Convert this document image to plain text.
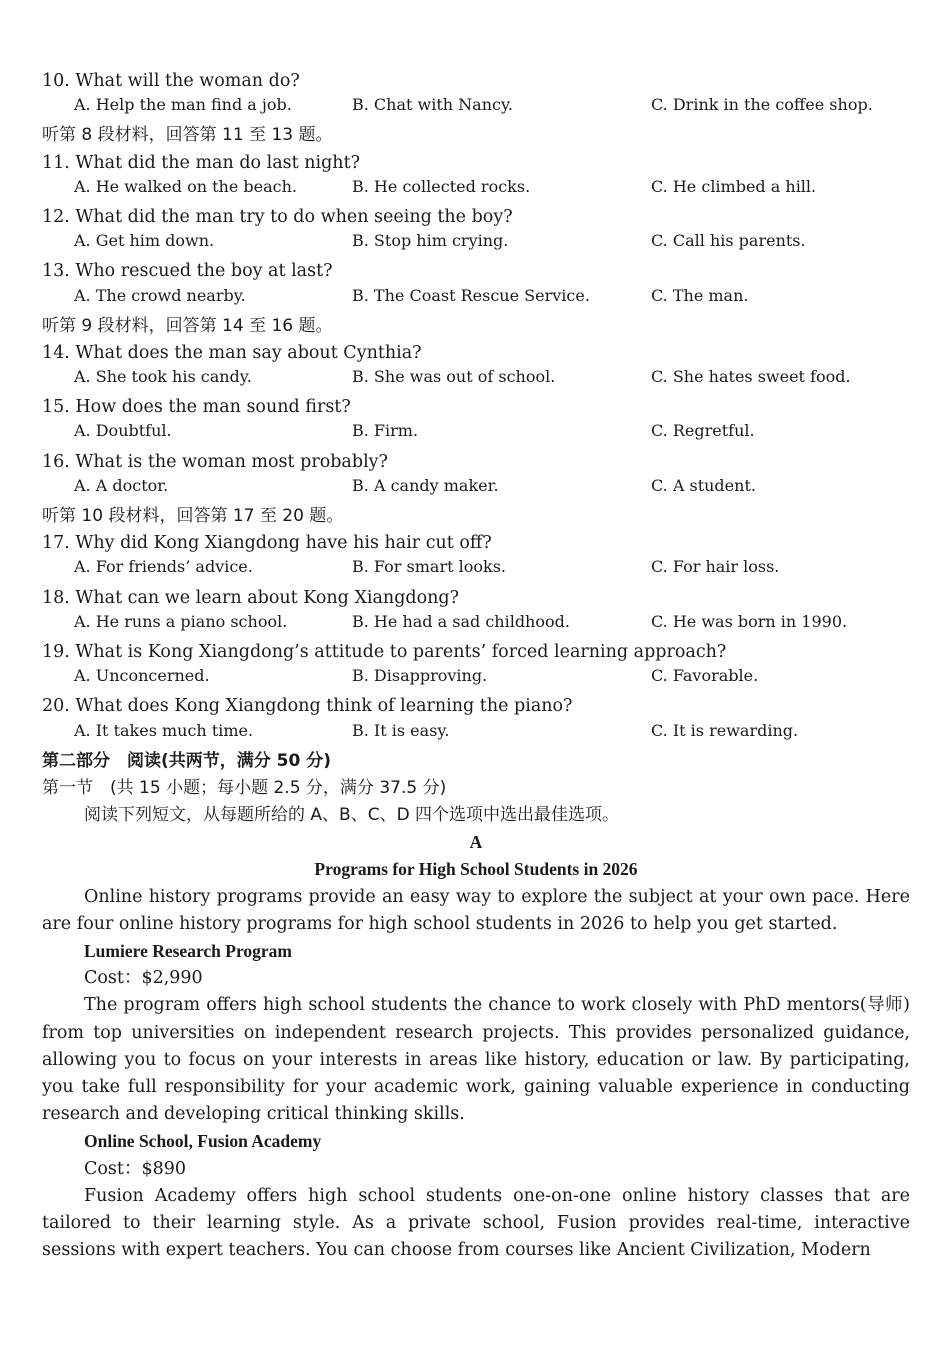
10. What will the woman do?
A. Help the man find a job.	B. Chat with Nancy.	C. Drink in the coffee shop.
听第 8 段材料，回答第 11 至 13 题。
11. What did the man do last night?
A. He walked on the beach.	B. He collected rocks.	C. He climbed a hill.
12. What did the man try to do when seeing the boy?
A. Get him down.	B. Stop him crying.	C. Call his parents.
13. Who rescued the boy at last?
A. The crowd nearby.	B. The Coast Rescue Service.	C. The man.
听第 9 段材料，回答第 14 至 16 题。
14. What does the man say about Cynthia?
A. She took his candy.	B. She was out of school.	C. She hates sweet food.
15. How does the man sound first?
A. Doubtful.	B. Firm.	C. Regretful.
16. What is the woman most probably?
A. A doctor.	B. A candy maker.	C. A student.
听第 10 段材料，回答第 17 至 20 题。
17. Why did Kong Xiangdong have his hair cut off?
A. For friends’ advice.	B. For smart looks.	C. For hair loss.
18. What can we learn about Kong Xiangdong?
A. He runs a piano school.	B. He had a sad childhood.	C. He was born in 1990.
19. What is Kong Xiangdong’s attitude to parents’ forced learning approach?
A. Unconcerned.	B. Disapproving.	C. Favorable.
20. What does Kong Xiangdong think of learning the piano?
A. It takes much time.	B. It is easy.	C. It is rewarding.
第二部分　阅读(共两节，满分 50 分)
第一节　(共 15 小题；每小题 2.5 分，满分 37.5 分)
阅读下列短文，从每题所给的 A、B、C、D 四个选项中选出最佳选项。
A
Programs for High School Students in 2026

Online history programs provide an easy way to explore the subject at your own pace. Here are four online history programs for high school students in 2026 to help you get started.

Lumiere Research Program
Cost：$2,990

The program offers high school students the chance to work closely with PhD mentors(导师) from top universities on independent research projects. This provides personalized guidance, allowing you to focus on your interests in areas like history, education or law. By participating, you take full responsibility for your academic work, gaining valuable experience in conducting research and developing critical thinking skills.

Online School, Fusion Academy
Cost：$890

Fusion Academy offers high school students one-on-one online history classes that are tailored to their learning style. As a private school, Fusion provides real-time, interactive sessions with expert teachers. You can choose from courses like Ancient Civilization, Modern
